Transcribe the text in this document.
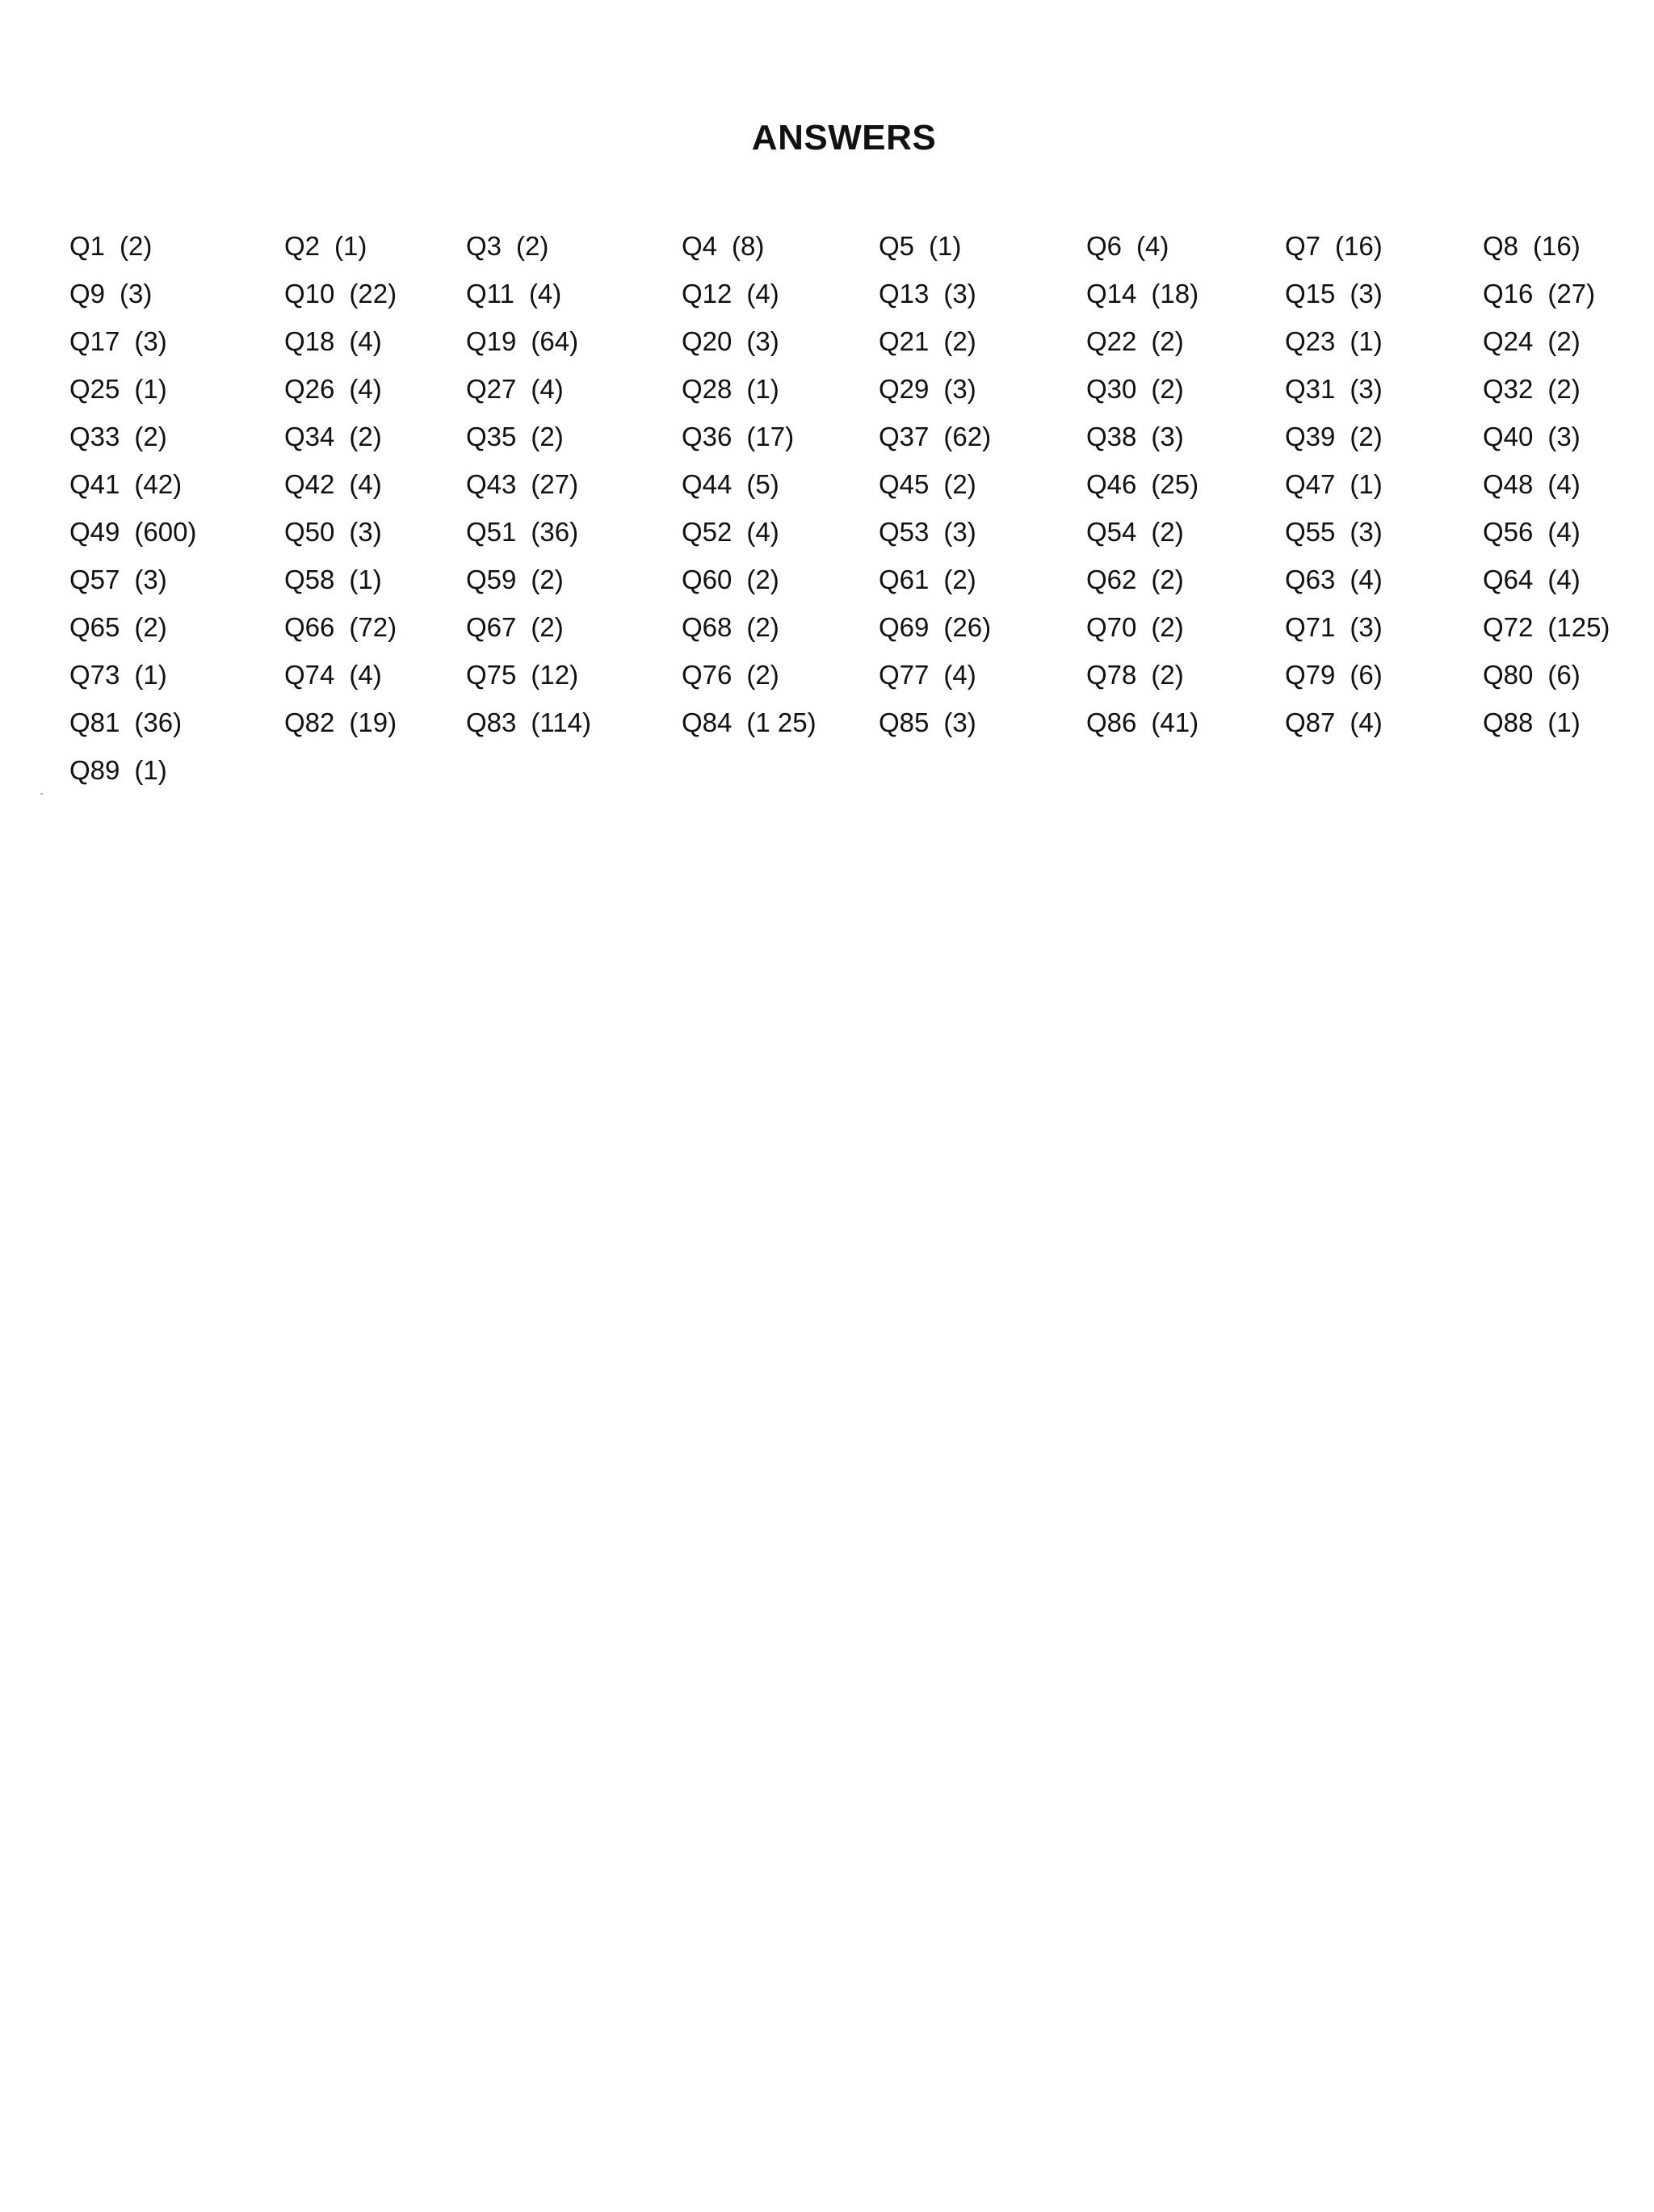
ANSWERS
Q1 (2)	Q2 (1)	Q3 (2)	Q4 (8)	Q5 (1)	Q6 (4)	Q7 (16)	Q8 (16)
Q9 (3)	Q10 (22)	Q11 (4)	Q12 (4)	Q13 (3)	Q14 (18)	Q15 (3)	Q16 (27)
Q17 (3)	Q18 (4)	Q19 (64)	Q20 (3)	Q21 (2)	Q22 (2)	Q23 (1)	Q24 (2)
Q25 (1)	Q26 (4)	Q27 (4)	Q28 (1)	Q29 (3)	Q30 (2)	Q31 (3)	Q32 (2)
Q33 (2)	Q34 (2)	Q35 (2)	Q36 (17)	Q37 (62)	Q38 (3)	Q39 (2)	Q40 (3)
Q41 (42)	Q42 (4)	Q43 (27)	Q44 (5)	Q45 (2)	Q46 (25)	Q47 (1)	Q48 (4)
Q49 (600)	Q50 (3)	Q51 (36)	Q52 (4)	Q53 (3)	Q54 (2)	Q55 (3)	Q56 (4)
Q57 (3)	Q58 (1)	Q59 (2)	Q60 (2)	Q61 (2)	Q62 (2)	Q63 (4)	Q64 (4)
Q65 (2)	Q66 (72)	Q67 (2)	Q68 (2)	Q69 (26)	Q70 (2)	Q71 (3)	Q72 (125)
Q73 (1)	Q74 (4)	Q75 (12)	Q76 (2)	Q77 (4)	Q78 (2)	Q79 (6)	Q80 (6)
Q81 (36)	Q82 (19)	Q83 (114)	Q84 (1 25) Q85 (3)	Q86 (41)	Q87 (4)	Q88 (1)
Q89 (1)
